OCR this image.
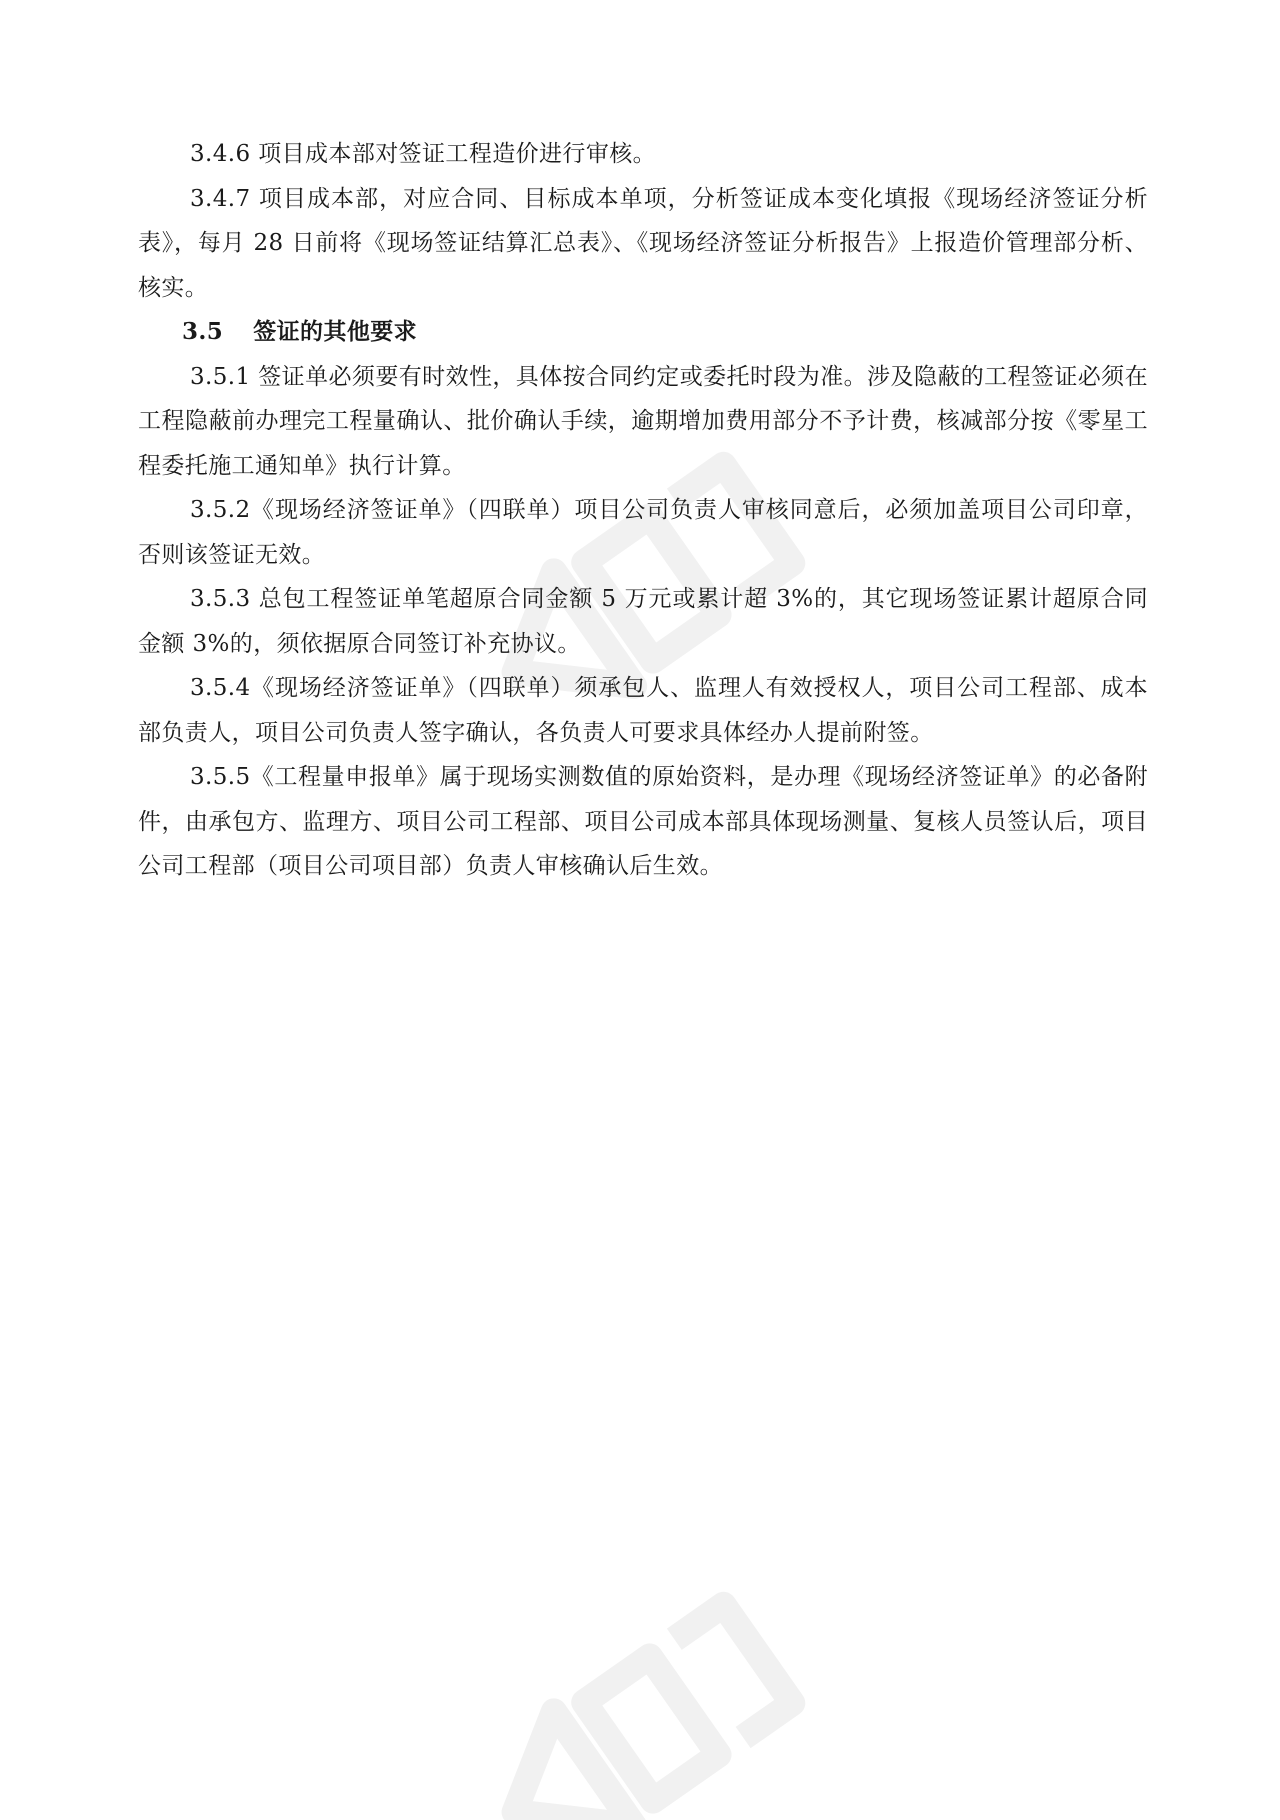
3.4.6 项目成本部对签证工程造价进行审核。

3.4.7 项目成本部，对应合同、目标成本单项，分析签证成本变化填报《现场经济签证分析表》，每月 28 日前将《现场签证结算汇总表》、《现场经济签证分析报告》上报造价管理部分析、核实。

3.5 签证的其他要求

3.5.1 签证单必须要有时效性，具体按合同约定或委托时段为准。涉及隐蔽的工程签证必须在工程隐蔽前办理完工程量确认、批价确认手续，逾期增加费用部分不予计费，核减部分按《零星工程委托施工通知单》执行计算。

3.5.2《现场经济签证单》（四联单）项目公司负责人审核同意后，必须加盖项目公司印章，否则该签证无效。

3.5.3 总包工程签证单笔超原合同金额 5 万元或累计超 3%的，其它现场签证累计超原合同金额 3%的，须依据原合同签订补充协议。

3.5.4《现场经济签证单》（四联单）须承包人、监理人有效授权人，项目公司工程部、成本部负责人，项目公司负责人签字确认，各负责人可要求具体经办人提前附签。

3.5.5《工程量申报单》属于现场实测数值的原始资料，是办理《现场经济签证单》的必备附件，由承包方、监理方、项目公司工程部、项目公司成本部具体现场测量、复核人员签认后，项目公司工程部（项目公司项目部）负责人审核确认后生效。
